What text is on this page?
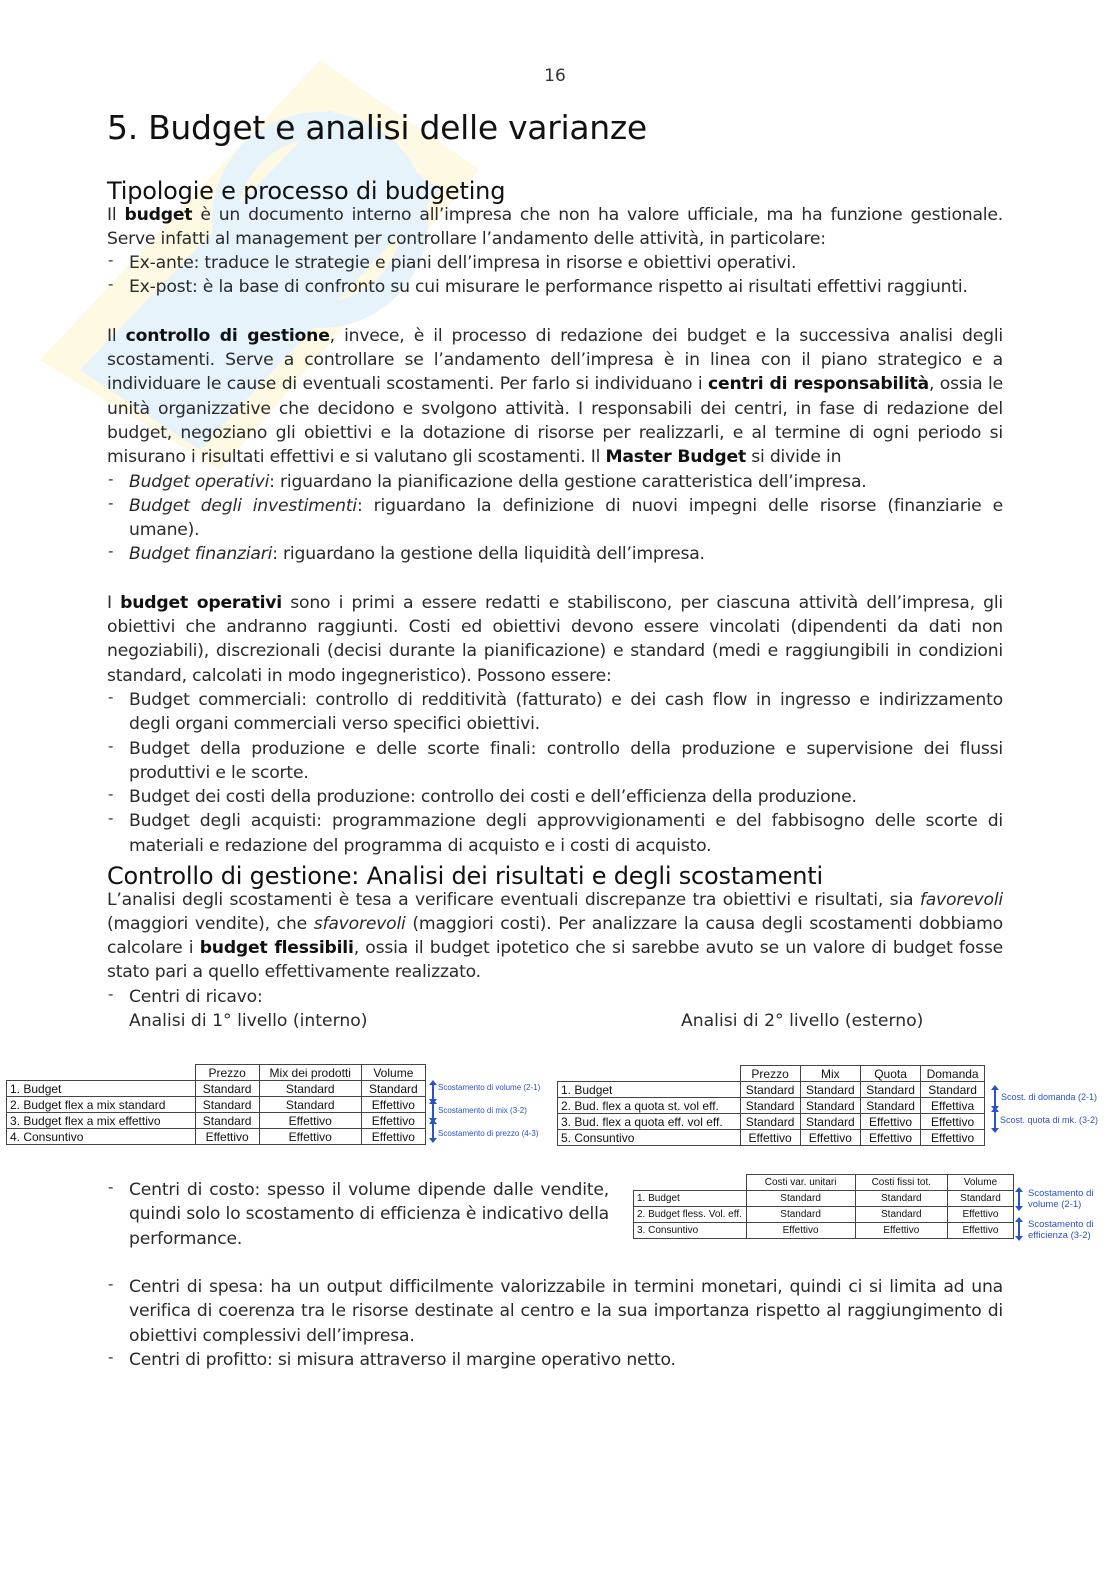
16
5. Budget e analisi delle varianze
Tipologie e processo di budgeting

Il budget è un documento interno all’impresa che non ha valore ufficiale, ma ha funzione gestionale. Serve infatti al management per controllare l’andamento delle attività, in particolare:

- Ex-ante: traduce le strategie e piani dell’impresa in risorse e obiettivi operativi.
- Ex-post: è la base di confronto su cui misurare le performance rispetto ai risultati effettivi raggiunti.

Il controllo di gestione, invece, è il processo di redazione dei budget e la successiva analisi degli scostamenti. Serve a controllare se l’andamento dell’impresa è in linea con il piano strategico e a individuare le cause di eventuali scostamenti. Per farlo si individuano i centri di responsabilità, ossia le unità organizzative che decidono e svolgono attività. I responsabili dei centri, in fase di redazione del budget, negoziano gli obiettivi e la dotazione di risorse per realizzarli, e al termine di ogni periodo si misurano i risultati effettivi e si valutano gli scostamenti. Il Master Budget si divide in

- Budget operativi: riguardano la pianificazione della gestione caratteristica dell’impresa.
- Budget degli investimenti: riguardano la definizione di nuovi impegni delle risorse (finanziarie e umane).
- Budget finanziari: riguardano la gestione della liquidità dell’impresa.

I budget operativi sono i primi a essere redatti e stabiliscono, per ciascuna attività dell’impresa, gli obiettivi che andranno raggiunti. Costi ed obiettivi devono essere vincolati (dipendenti da dati non negoziabili), discrezionali (decisi durante la pianificazione) e standard (medi e raggiungibili in condizioni standard, calcolati in modo ingegneristico). Possono essere:

- Budget commerciali: controllo di redditività (fatturato) e dei cash flow in ingresso e indirizzamento degli organi commerciali verso specifici obiettivi.
- Budget della produzione e delle scorte finali: controllo della produzione e supervisione dei flussi produttivi e le scorte.
- Budget dei costi della produzione: controllo dei costi e dell’efficienza della produzione.
- Budget degli acquisti: programmazione degli approvvigionamenti e del fabbisogno delle scorte di materiali e redazione del programma di acquisto e i costi di acquisto.
Controllo di gestione: Analisi dei risultati e degli scostamenti

L’analisi degli scostamenti è tesa a verificare eventuali discrepanze tra obiettivi e risultati, sia favorevoli (maggiori vendite), che sfavorevoli (maggiori costi). Per analizzare la causa degli scostamenti dobbiamo calcolare i budget flessibili, ossia il budget ipotetico che si sarebbe avuto se un valore di budget fosse stato pari a quello effettivamente realizzato.

- Centri di ricavo:
Analisi di 1° livello (interno)	Analisi di 2° livello (esterno)
- Centri di costo: spesso il volume dipende dalle vendite, quindi solo lo scostamento di efficienza è indicativo della performance.
- Centri di spesa: ha un output difficilmente valorizzabile in termini monetari, quindi ci si limita ad una verifica di coerenza tra le risorse destinate al centro e la sua importanza rispetto al raggiungimento di obiettivi complessivi dell’impresa.
- Centri di profitto: si misura attraverso il margine operativo netto.
	Prezzo	Mix dei prodotti	Volume
1. Budget	Standard	Standard	Standard
2. Budget flex a mix standard	Standard	Standard	Effettivo
3. Budget flex a mix effettivo	Standard	Effettivo	Effettivo
4. Consuntivo	Effettivo	Effettivo	Effettivo
Scostamento di volume (2-1)
Scostamento di mix (3-2)
Scostamento di prezzo (4-3)
	Prezzo	Mix	Quota	Domanda
1. Budget	Standard	Standard	Standard	Standard
2. Bud. flex a quota st. vol eff.	Standard	Standard	Standard	Effettiva
3. Bud. flex a quota eff. vol eff.	Standard	Standard	Effettivo	Effettivo
5. Consuntivo	Effettivo	Effettivo	Effettivo	Effettivo
Scost. di domanda (2-1)
Scost. quota di mk. (3-2)
	Costi var. unitari	Costi fissi tot.	Volume
1. Budget	Standard	Standard	Standard
2. Budget fless. Vol. eff.	Standard	Standard	Effettivo
3. Consuntivo	Effettivo	Effettivo	Effettivo
Scostamento di volume (2-1)
Scostamento di efficienza (3-2)
